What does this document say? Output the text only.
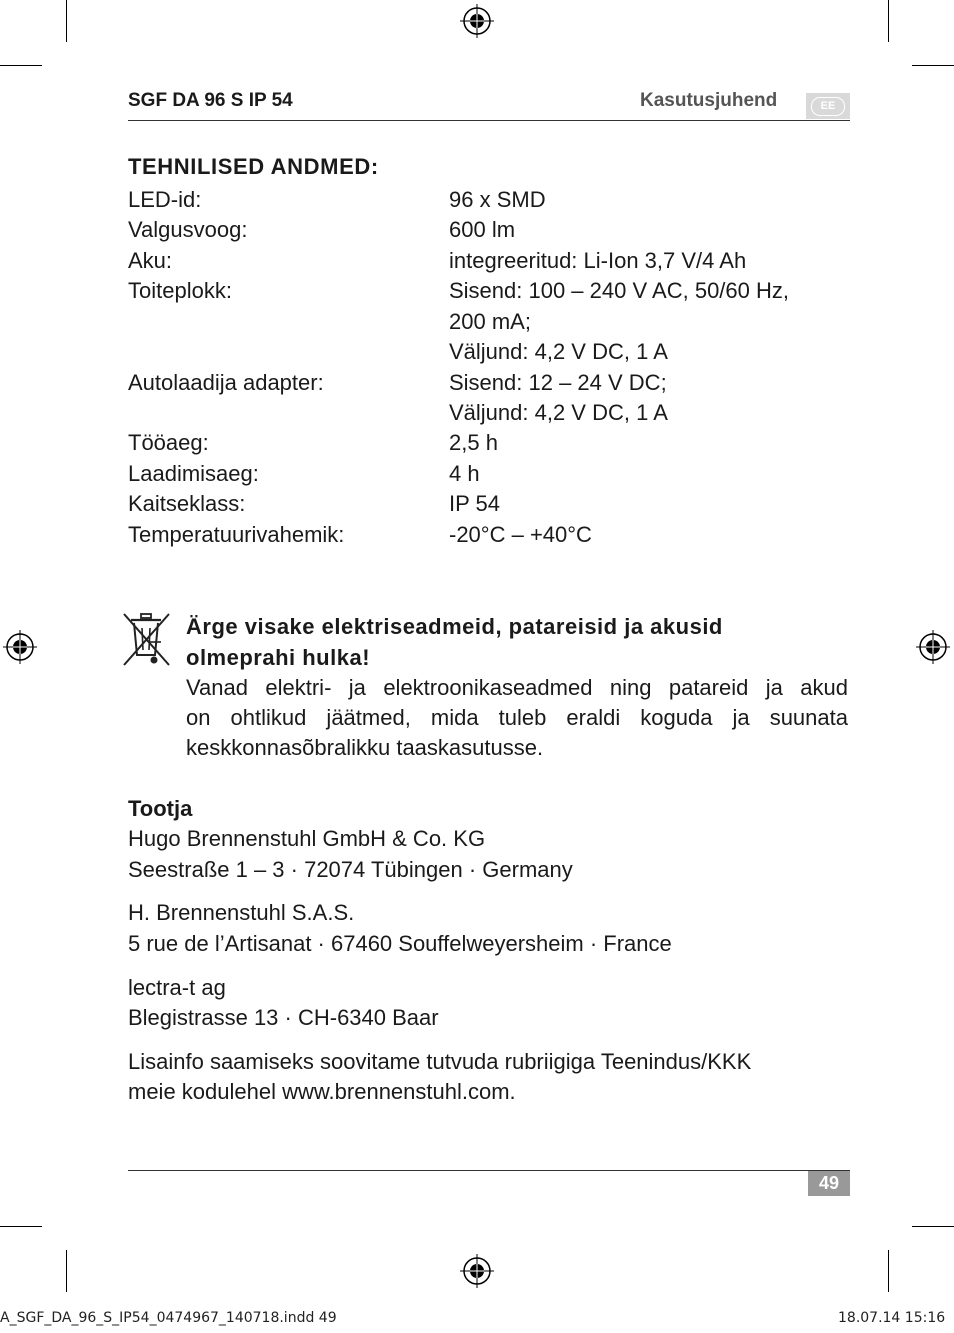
SGF DA 96 S IP 54	Kasutusjuhend	EE
TEHNILISED ANDMED:
LED-id:	96 x SMD
Valgusvoog:	600 lm
Aku:	integreeritud: Li-Ion 3,7 V/4 Ah
Toiteplokk:	Sisend: 100 – 240 V AC, 50/60 Hz,
200 mA;
Väljund: 4,2 V DC, 1 A
Autolaadija adapter:	Sisend: 12 – 24 V DC;
Väljund: 4,2 V DC, 1 A
Tööaeg:	2,5 h
Laadimisaeg:	4 h
Kaitseklass:	IP 54
Temperatuurivahemik:	-20°C – +40°C
Ärge visake elektriseadmeid, patareisid ja akusid
olmeprahi hulka!
Vanad elektri- ja elektroonikaseadmed ning patareid ja akud
on ohtlikud jäätmed, mida tuleb eraldi koguda ja suunata
keskkonnasõbralikku taaskasutusse.
Tootja
Hugo Brennenstuhl GmbH & Co. KG
Seestraße 1 – 3 · 72074 Tübingen · Germany
H. Brennenstuhl S.A.S.
5 rue de l’Artisanat · 67460 Souffelweyersheim · France
lectra-t ag
Blegistrasse 13 · CH-6340 Baar
Lisainfo saamiseks soovitame tutvuda rubriigiga Teenindus/KKK
meie kodulehel www.brennenstuhl.com.
49
A_SGF_DA_96_S_IP54_0474967_140718.indd 49	18.07.14 15:16
